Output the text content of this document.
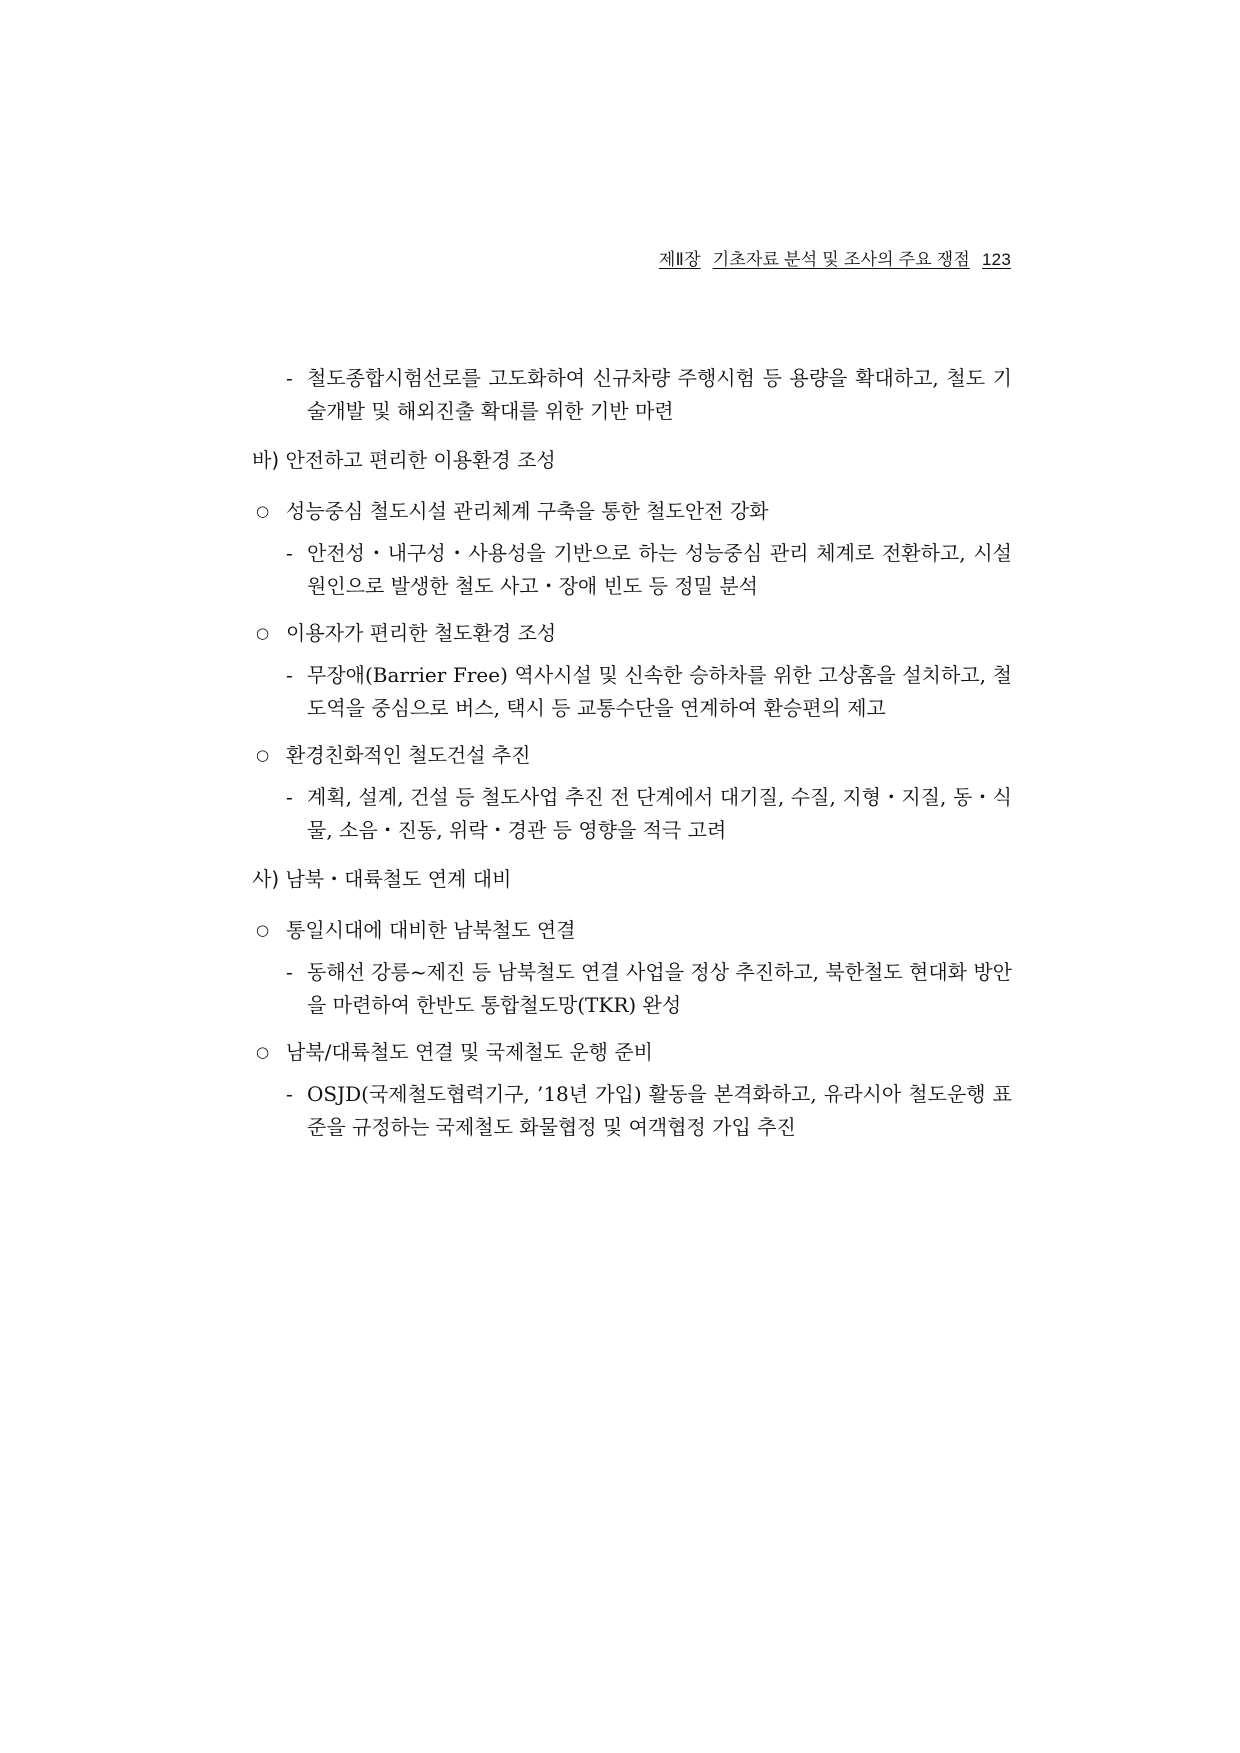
제Ⅱ장 기초자료 분석 및 조사의 주요 쟁점 123
- 철도종합시험선로를 고도화하여 신규차량 주행시험 등 용량을 확대하고, 철도 기술개발 및 해외진출 확대를 위한 기반 마련
바) 안전하고 편리한 이용환경 조성
○ 성능중심 철도시설 관리체계 구축을 통한 철도안전 강화
- 안전성・내구성・사용성을 기반으로 하는 성능중심 관리 체계로 전환하고, 시설 원인으로 발생한 철도 사고・장애 빈도 등 정밀 분석
○ 이용자가 편리한 철도환경 조성
- 무장애(Barrier Free) 역사시설 및 신속한 승하차를 위한 고상홈을 설치하고, 철도역을 중심으로 버스, 택시 등 교통수단을 연계하여 환승편의 제고
○ 환경친화적인 철도건설 추진
- 계획, 설계, 건설 등 철도사업 추진 전 단계에서 대기질, 수질, 지형・지질, 동・식물, 소음・진동, 위락・경관 등 영향을 적극 고려
사) 남북・대륙철도 연계 대비
○ 통일시대에 대비한 남북철도 연결
- 동해선 강릉~제진 등 남북철도 연결 사업을 정상 추진하고, 북한철도 현대화 방안을 마련하여 한반도 통합철도망(TKR) 완성
○ 남북/대륙철도 연결 및 국제철도 운행 준비
- OSJD(국제철도협력기구, ’18년 가입) 활동을 본격화하고, 유라시아 철도운행 표준을 규정하는 국제철도 화물협정 및 여객협정 가입 추진
